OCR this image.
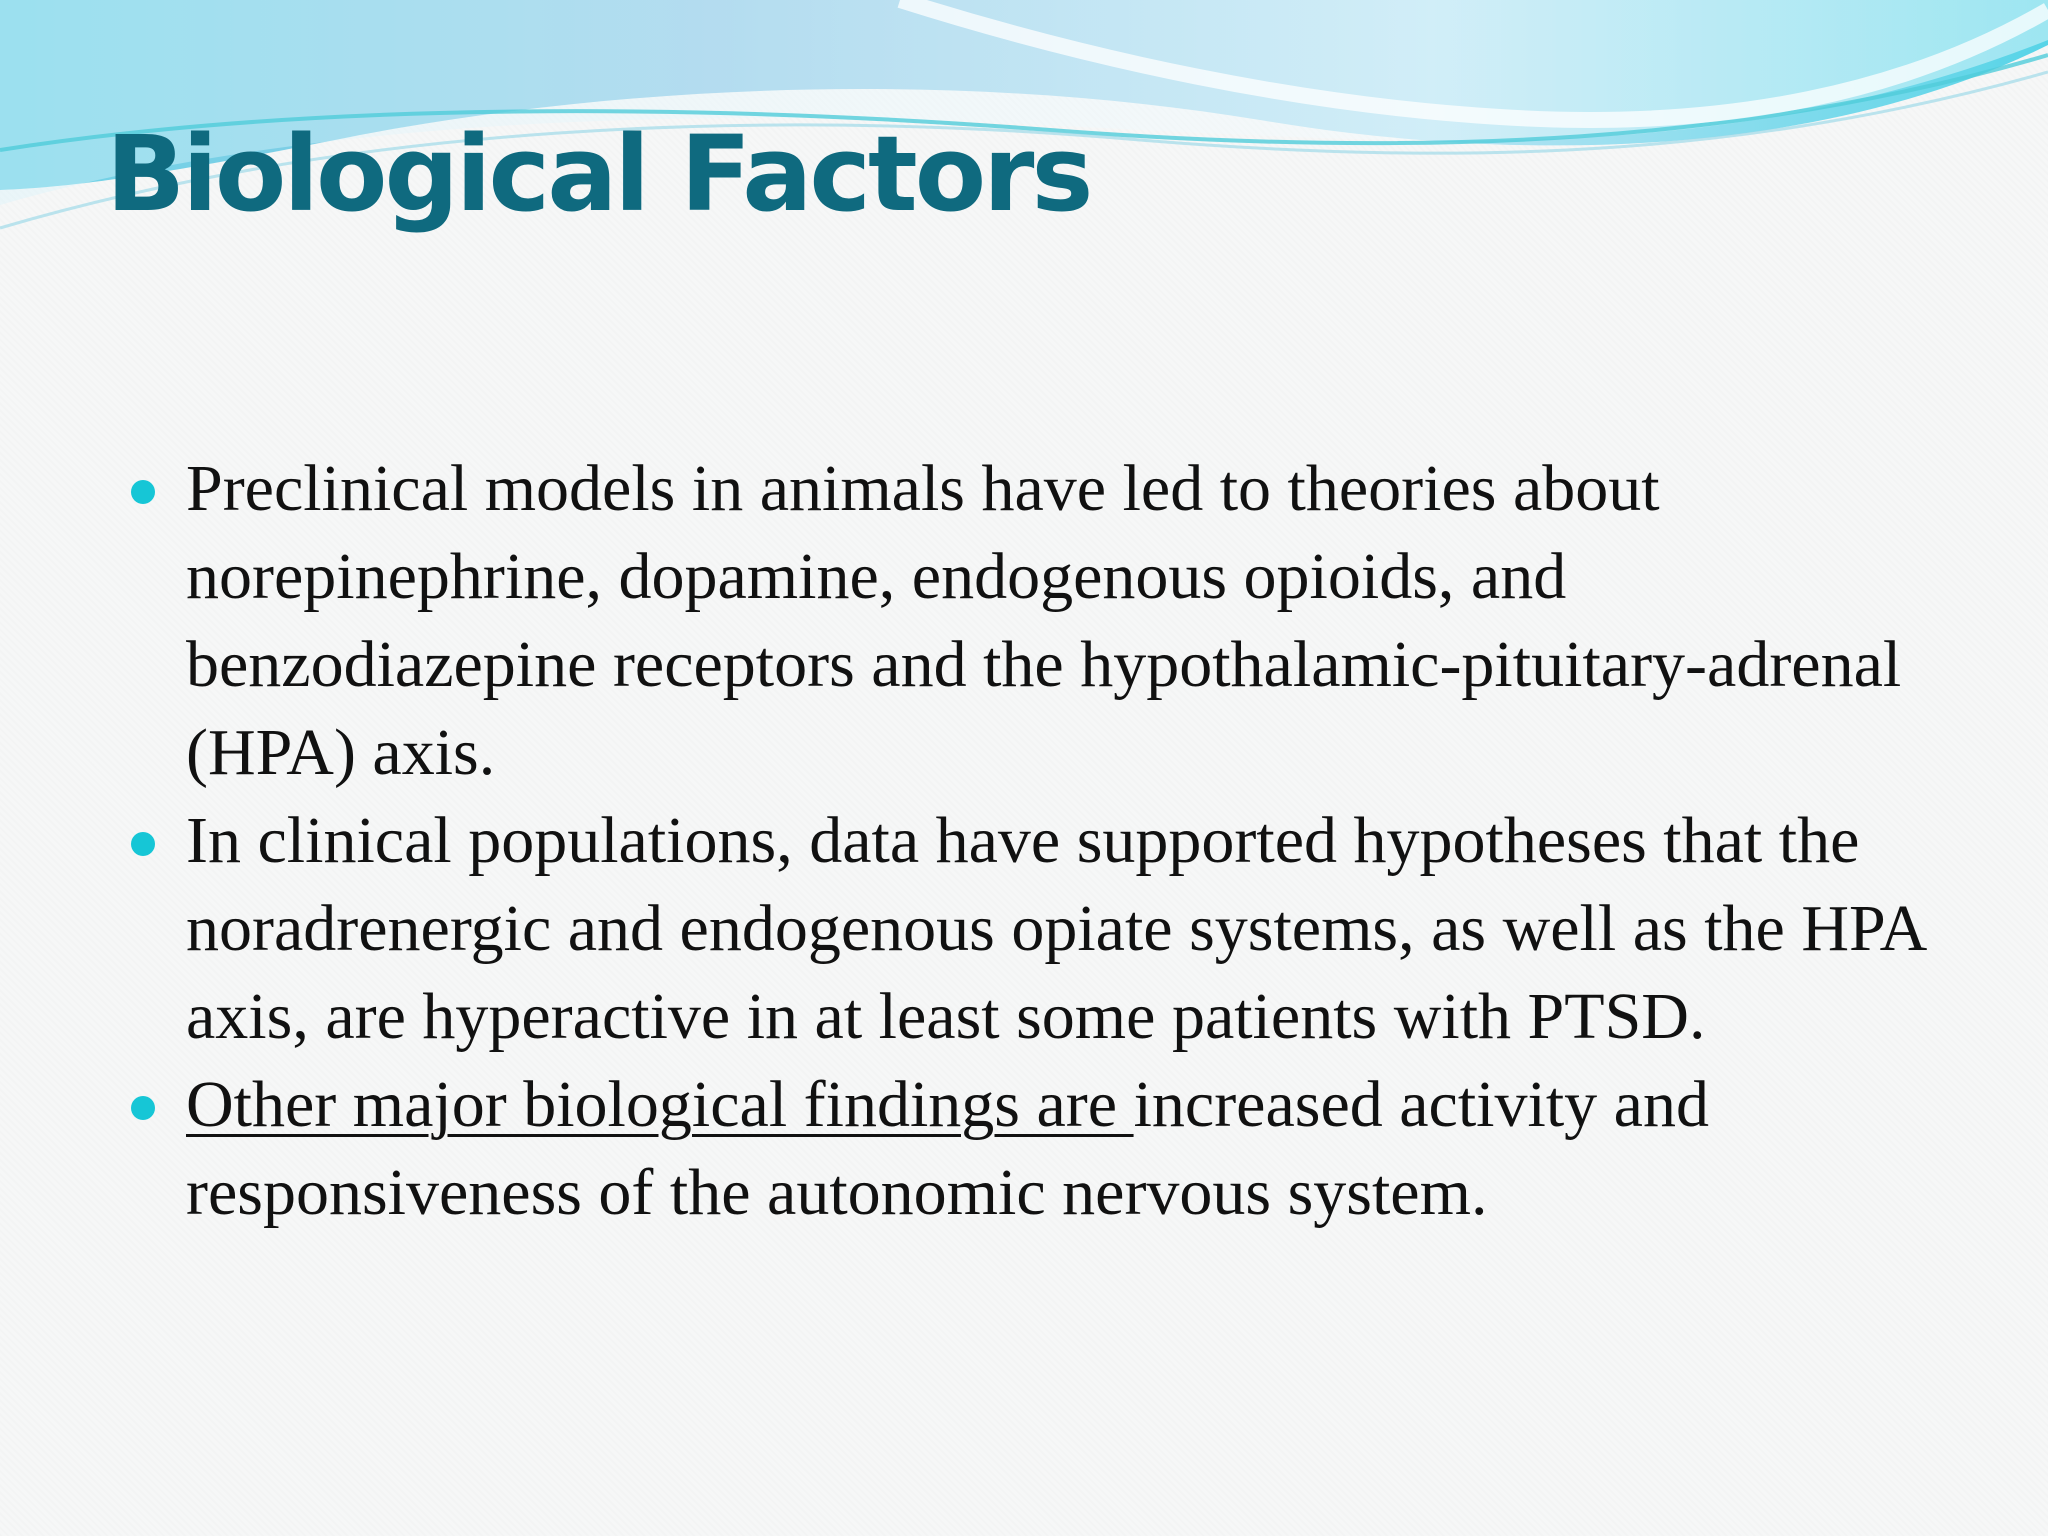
Biological Factors
Preclinical models in animals have led to theories about norepinephrine, dopamine, endogenous opioids, and benzodiazepine receptors and the hypothalamic-pituitary-adrenal (HPA) axis.
In clinical populations, data have supported hypotheses that the noradrenergic and endogenous opiate systems, as well as the HPA axis, are hyperactive in at least some patients with PTSD.
Other major biological findings are increased activity and responsiveness of the autonomic nervous system.
